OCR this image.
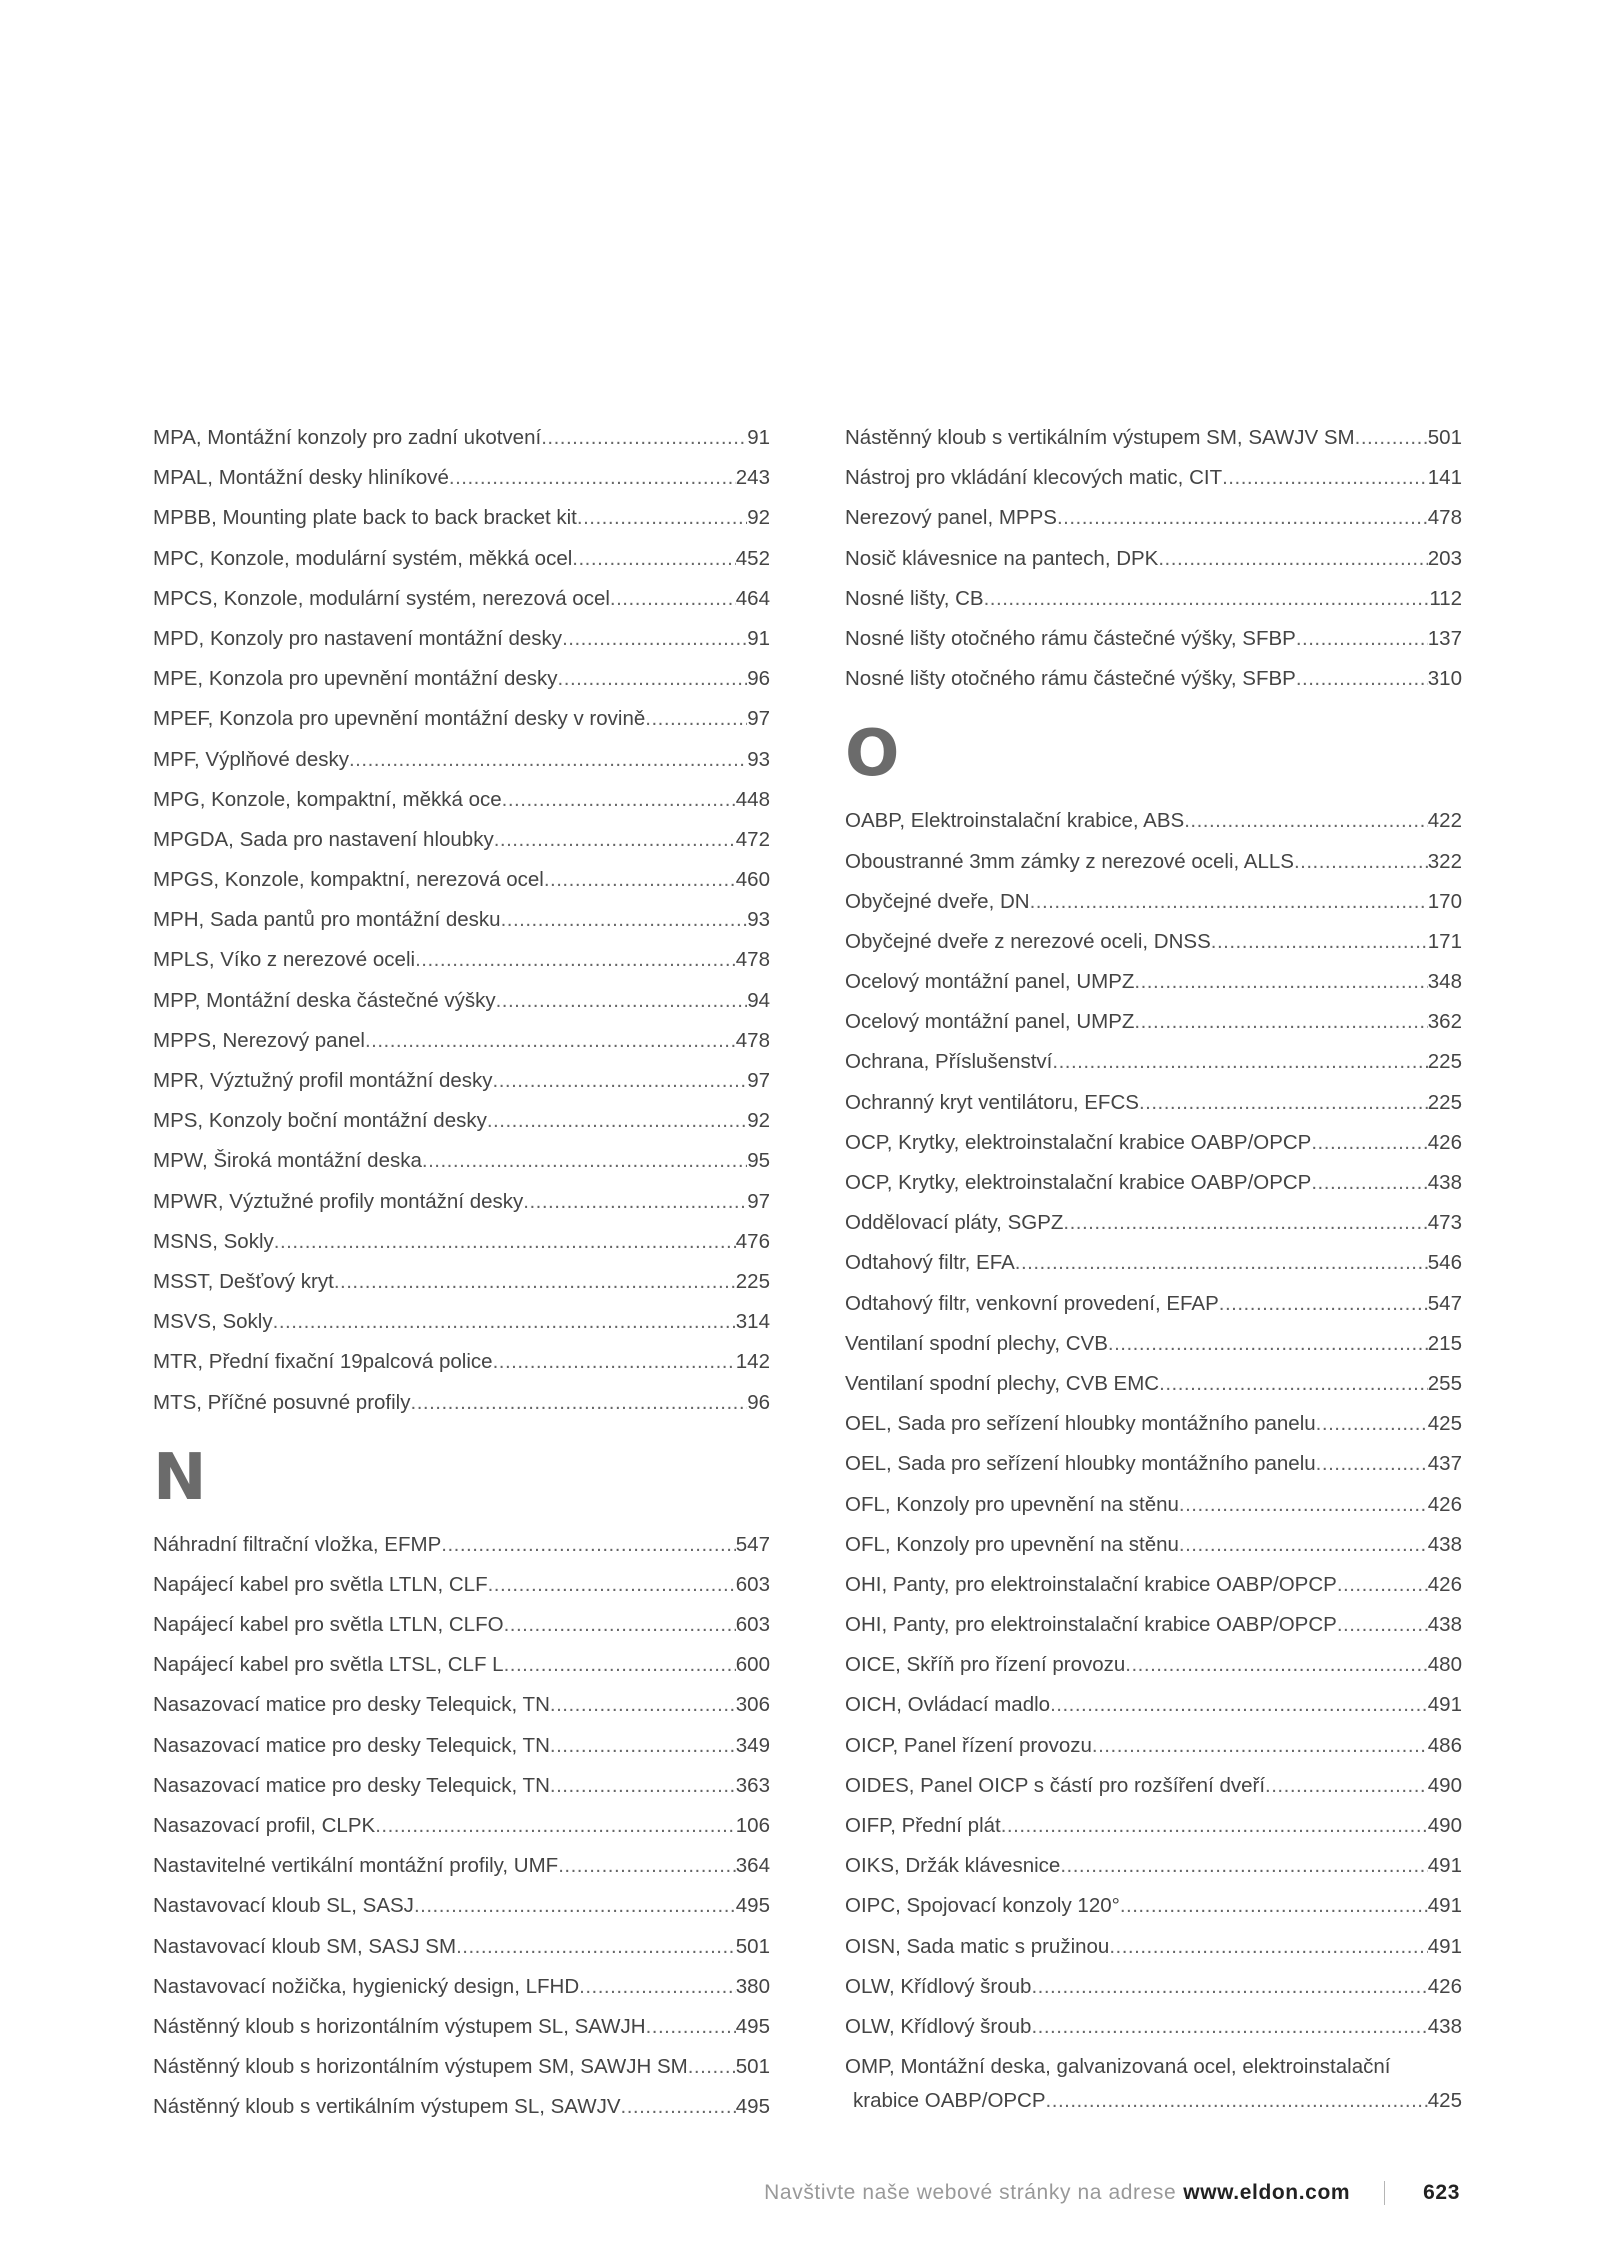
MPA, Montážní konzoly pro zadní ukotvení .....	91
MPAL, Montážní desky hliníkové .....	243
MPBB, Mounting plate back to back bracket kit .....	92
MPC, Konzole, modulární systém, měkká ocel .....	452
MPCS, Konzole, modulární systém, nerezová ocel .....	464
MPD, Konzoly pro nastavení montážní desky .....	91
MPE, Konzola pro upevnění montážní desky .....	96
MPEF, Konzola pro upevnění montážní desky v rovině .....	97
MPF, Výplňové desky .....	93
MPG, Konzole, kompaktní, měkká oce .....	448
MPGDA, Sada pro nastavení hloubky .....	472
MPGS, Konzole, kompaktní, nerezová ocel .....	460
MPH, Sada pantů pro montážní desku .....	93
MPLS, Víko z nerezové oceli .....	478
MPP, Montážní deska částečné výšky .....	94
MPPS, Nerezový panel .....	478
MPR, Výztužný profil montážní desky .....	97
MPS, Konzoly boční montážní desky .....	92
MPW, Široká montážní deska .....	95
MPWR, Výztužné profily montážní desky .....	97
MSNS, Sokly .....	476
MSST, Dešťový kryt .....	225
MSVS, Sokly .....	314
MTR, Přední fixační 19palcová police .....	142
MTS, Příčné posuvné profily .....	96
N
Náhradní filtrační vložka, EFMP .....	547
Napájecí kabel pro světla LTLN, CLF .....	603
Napájecí kabel pro světla LTLN, CLFO .....	603
Napájecí kabel pro světla LTSL, CLF L .....	600
Nasazovací matice pro desky Telequick, TN .....	306
Nasazovací matice pro desky Telequick, TN .....	349
Nasazovací matice pro desky Telequick, TN .....	363
Nasazovací profil, CLPK .....	106
Nastavitelné vertikální montážní profily, UMF .....	364
Nastavovací kloub SL, SASJ .....	495
Nastavovací kloub SM, SASJ SM .....	501
Nastavovací nožička, hygienický design, LFHD .....	380
Nástěnný kloub s horizontálním výstupem SL, SAWJH .....	495
Nástěnný kloub s horizontálním výstupem SM, SAWJH SM ..... 501
Nástěnný kloub s vertikálním výstupem SL, SAWJV .....	495
Nástěnný kloub s vertikálním výstupem SM, SAWJV SM .....	501
Nástroj pro vkládání klecových matic, CIT .....	141
Nerezový panel, MPPS .....	478
Nosič klávesnice na pantech, DPK .....	203
Nosné lišty, CB .....	112
Nosné lišty otočného rámu částečné výšky, SFBP .....	137
Nosné lišty otočného rámu částečné výšky, SFBP .....	310
O
OABP, Elektroinstalační krabice, ABS .....	422
Oboustranné 3mm zámky z nerezové oceli, ALLS .....	322
Obyčejné dveře, DN .....	170
Obyčejné dveře z nerezové oceli, DNSS .....	171
Ocelový montážní panel, UMPZ .....	348
Ocelový montážní panel, UMPZ .....	362
Ochrana, Příslušenství .....	225
Ochranný kryt ventilátoru, EFCS .....	225
OCP, Krytky, elektroinstalační krabice OABP/OPCP .....	426
OCP, Krytky, elektroinstalační krabice OABP/OPCP .....	438
Oddělovací pláty, SGPZ .....	473
Odtahový filtr, EFA .....	546
Odtahový filtr, venkovní provedení, EFAP .....	547
Ventilaní spodní plechy, CVB .....	215
Ventilaní spodní plechy, CVB EMC .....	255
OEL, Sada pro seřízení hloubky montážního panelu .....	425
OEL, Sada pro seřízení hloubky montážního panelu .....	437
OFL, Konzoly pro upevnění na stěnu .....	426
OFL, Konzoly pro upevnění na stěnu .....	438
OHI, Panty, pro elektroinstalační krabice OABP/OPCP .....	426
OHI, Panty, pro elektroinstalační krabice OABP/OPCP .....	438
OICE, Skříň pro řízení provozu .....	480
OICH, Ovládací madlo .....	491
OICP, Panel řízení provozu .....	486
OIDES, Panel OICP s částí pro rozšíření dveří .....	490
OIFP, Přední plát .....	490
OIKS, Držák klávesnice .....	491
OIPC, Spojovací konzoly 120° .....	491
OISN, Sada matic s pružinou .....	491
OLW, Křídlový šroub .....	426
OLW, Křídlový šroub .....	438
OMP, Montážní deska, galvanizovaná ocel, elektroinstalační
krabice OABP/OPCP .....	425
Navštivte naše webové stránky na adrese www.eldon.com	623
